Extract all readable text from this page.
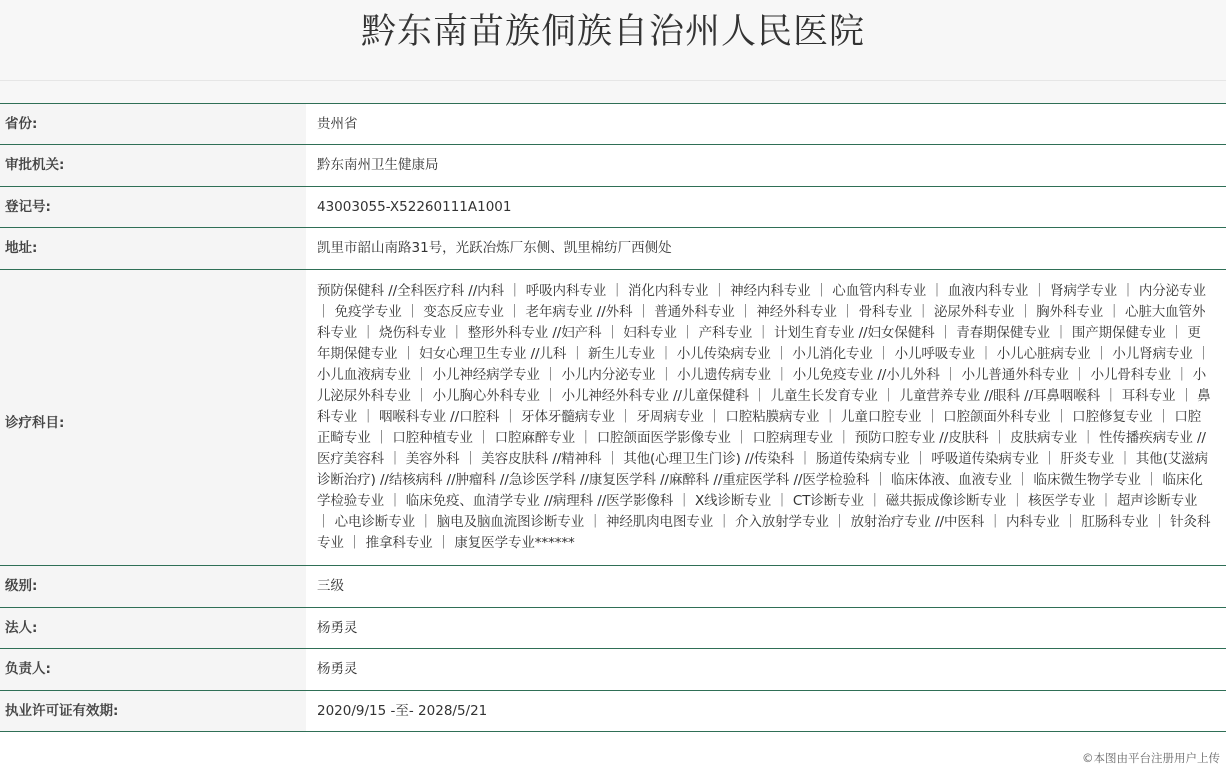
黔东南苗族侗族自治州人民医院
省份:	贵州省
审批机关:	黔东南州卫生健康局
登记号:	43003055-X52260111A1001
地址:	凯里市韶山南路31号，光跃冶炼厂东侧、凯里棉纺厂西侧处
诊疗科目:	预防保健科 //全科医疗科 //内科 ｜ 呼吸内科专业 ｜ 消化内科专业 ｜ 神经内科专业 ｜ 心血管内科专业 ｜ 血液内科专业 ｜ 肾病学专业 ｜ 内分泌专业 ｜ 免疫学专业 ｜ 变态反应专业 ｜ 老年病专业 //外科 ｜ 普通外科专业 ｜ 神经外科专业 ｜ 骨科专业 ｜ 泌尿外科专业 ｜ 胸外科专业 ｜ 心脏大血管外科专业 ｜ 烧伤科专业 ｜ 整形外科专业 //妇产科 ｜ 妇科专业 ｜ 产科专业 ｜ 计划生育专业 //妇女保健科 ｜ 青春期保健专业 ｜ 围产期保健专业 ｜ 更年期保健专业 ｜ 妇女心理卫生专业 //儿科 ｜ 新生儿专业 ｜ 小儿传染病专业 ｜ 小儿消化专业 ｜ 小儿呼吸专业 ｜ 小儿心脏病专业 ｜ 小儿肾病专业 ｜ 小儿血液病专业 ｜ 小儿神经病学专业 ｜ 小儿内分泌专业 ｜ 小儿遗传病专业 ｜ 小儿免疫专业 //小儿外科 ｜ 小儿普通外科专业 ｜ 小儿骨科专业 ｜ 小儿泌尿外科专业 ｜ 小儿胸心外科专业 ｜ 小儿神经外科专业 //儿童保健科 ｜ 儿童生长发育专业 ｜ 儿童营养专业 //眼科 //耳鼻咽喉科 ｜ 耳科专业 ｜ 鼻科专业 ｜ 咽喉科专业 //口腔科 ｜ 牙体牙髓病专业 ｜ 牙周病专业 ｜ 口腔粘膜病专业 ｜ 儿童口腔专业 ｜ 口腔颌面外科专业 ｜ 口腔修复专业 ｜ 口腔正畸专业 ｜ 口腔种植专业 ｜ 口腔麻醉专业 ｜ 口腔颌面医学影像专业 ｜ 口腔病理专业 ｜ 预防口腔专业 //皮肤科 ｜ 皮肤病专业 ｜ 性传播疾病专业 //医疗美容科 ｜ 美容外科 ｜ 美容皮肤科 //精神科 ｜ 其他(心理卫生门诊) //传染科 ｜ 肠道传染病专业 ｜ 呼吸道传染病专业 ｜ 肝炎专业 ｜ 其他(艾滋病诊断治疗) //结核病科 //肿瘤科 //急诊医学科 //康复医学科 //麻醉科 //重症医学科 //医学检验科 ｜ 临床体液、血液专业 ｜ 临床微生物学专业 ｜ 临床化学检验专业 ｜ 临床免疫、血清学专业 //病理科 //医学影像科 ｜ X线诊断专业 ｜ CT诊断专业 ｜ 磁共振成像诊断专业 ｜ 核医学专业 ｜ 超声诊断专业 ｜ 心电诊断专业 ｜ 脑电及脑血流图诊断专业 ｜ 神经肌肉电图专业 ｜ 介入放射学专业 ｜ 放射治疗专业 //中医科 ｜ 内科专业 ｜ 肛肠科专业 ｜ 针灸科专业 ｜ 推拿科专业 ｜ 康复医学专业******
级别:	三级
法人:	杨勇灵
负责人:	杨勇灵
执业许可证有效期:	2020/9/15 -至- 2028/5/21
©本图由平台注册用户上传
